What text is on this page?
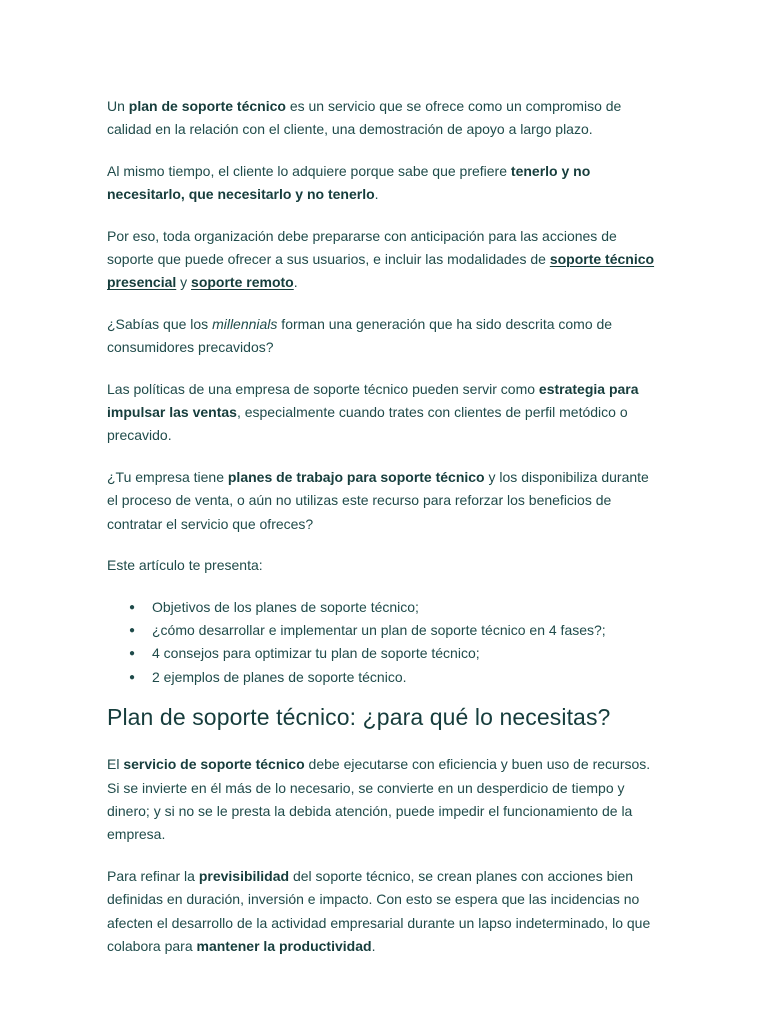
Un plan de soporte técnico es un servicio que se ofrece como un compromiso de calidad en la relación con el cliente, una demostración de apoyo a largo plazo.

Al mismo tiempo, el cliente lo adquiere porque sabe que prefiere tenerlo y no necesitarlo, que necesitarlo y no tenerlo.

Por eso, toda organización debe prepararse con anticipación para las acciones de soporte que puede ofrecer a sus usuarios, e incluir las modalidades de soporte técnico presencial y soporte remoto.

¿Sabías que los millennials forman una generación que ha sido descrita como de consumidores precavidos?

Las políticas de una empresa de soporte técnico pueden servir como estrategia para impulsar las ventas, especialmente cuando trates con clientes de perfil metódico o precavido.

¿Tu empresa tiene planes de trabajo para soporte técnico y los disponibiliza durante el proceso de venta, o aún no utilizas este recurso para reforzar los beneficios de contratar el servicio que ofreces?

Este artículo te presenta:

● Objetivos de los planes de soporte técnico;
● ¿cómo desarrollar e implementar un plan de soporte técnico en 4 fases?;
● 4 consejos para optimizar tu plan de soporte técnico;
● 2 ejemplos de planes de soporte técnico.
Plan de soporte técnico: ¿para qué lo necesitas?

El servicio de soporte técnico debe ejecutarse con eficiencia y buen uso de recursos. Si se invierte en él más de lo necesario, se convierte en un desperdicio de tiempo y dinero; y si no se le presta la debida atención, puede impedir el funcionamiento de la empresa.

Para refinar la previsibilidad del soporte técnico, se crean planes con acciones bien definidas en duración, inversión e impacto. Con esto se espera que las incidencias no afecten el desarrollo de la actividad empresarial durante un lapso indeterminado, lo que colabora para mantener la productividad.
